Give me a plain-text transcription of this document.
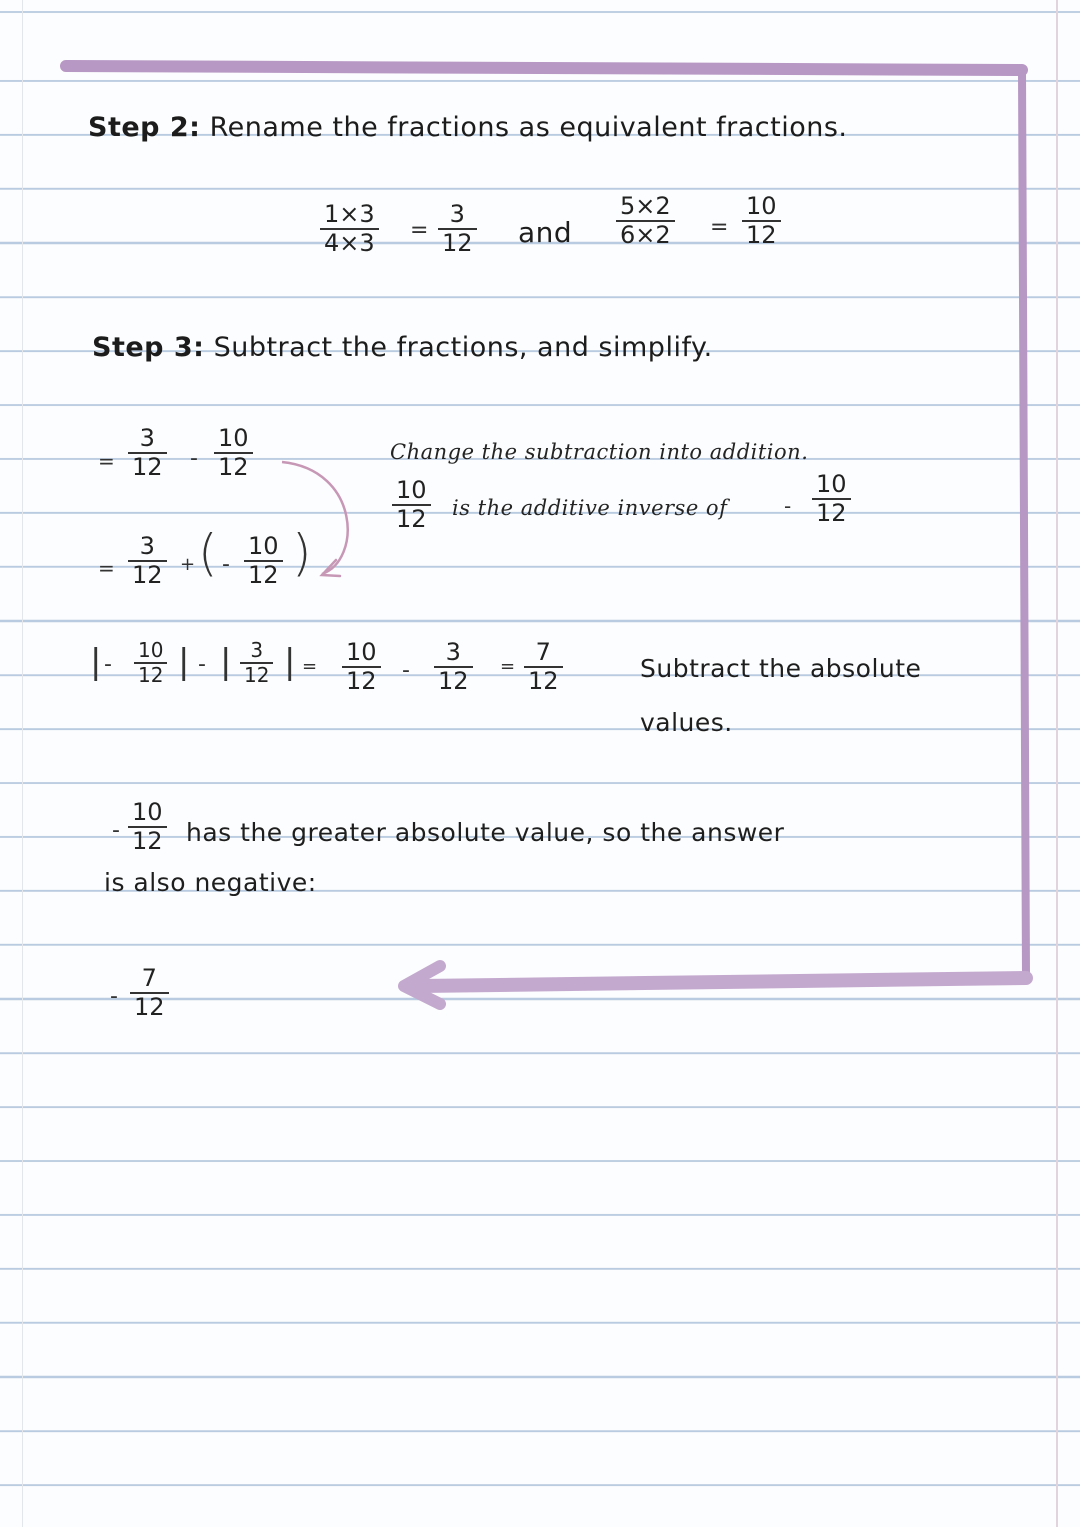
Step 2: Rename the fractions as equivalent fractions.
1×3
4×3 =
3
12 and
5×2
6×2 =
10
12
Step 3: Subtract the fractions, and simplify.
=
3
12 -
10
12
=
3
12 + ( -
10
12 )
Change the subtraction into addition.
10
12 is the additive inverse of	-
10
12
| -
10
12 | - | 3
12 | =
10
12 -
3
12
=
7
12	Subtract the absolute
values.
-
10
12 has the greater absolute value, so the answer
is also negative:
-
7
12
